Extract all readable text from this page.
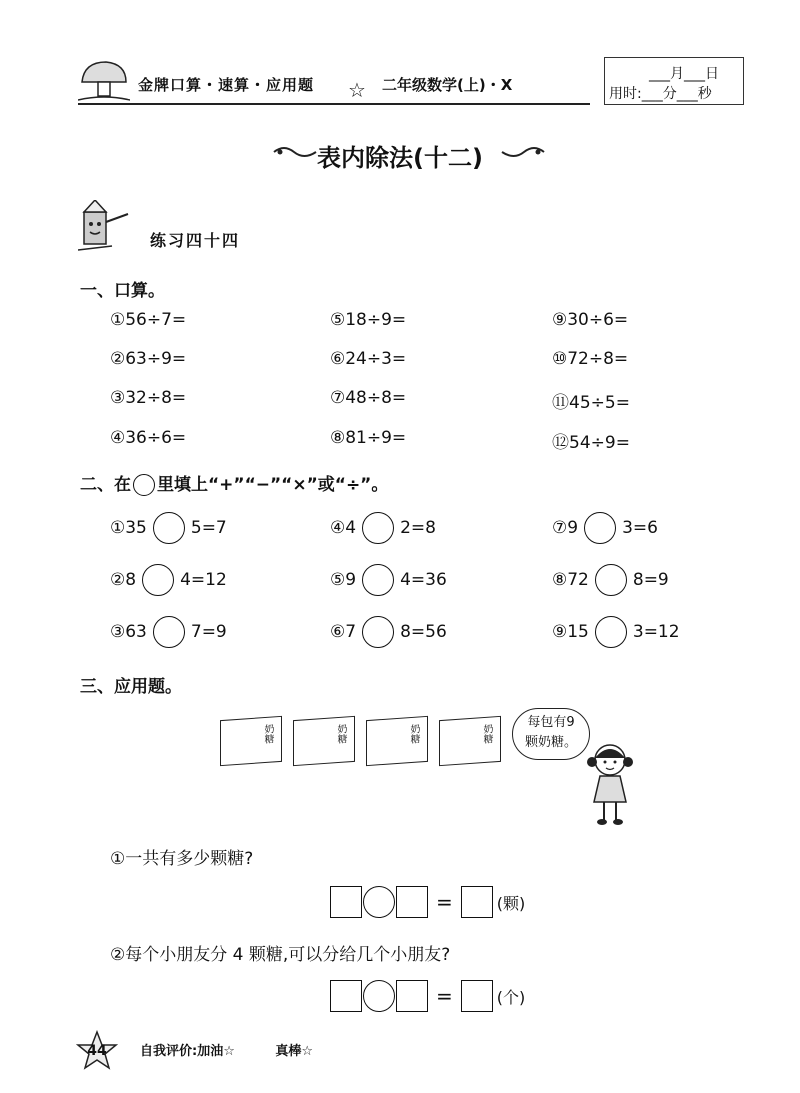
金牌口算・速算・应用题 ☆ 二年级数学(上)・X
___月___日
用时:___分___秒
表内除法(十二)
练习四十四
一、口算。
①56÷7=	⑤18÷9=	⑨30÷6=
②63÷9=	⑥24÷3=	⑩72÷8=
③32÷8=	⑦48÷8=	⑪45÷5=
④36÷6=	⑧81÷9=	⑫54÷9=
二、在 里填上“+”“−”“×”或“÷”。
①35	5=7	④4	2=8	⑦9	3=6
②8	4=12	⑤9	4=36	⑧72	8=9
③63	7=9	⑥7	8=56	⑨15	3=12
三、应用题。
奶糖	奶糖	奶糖	奶糖
每包有9
颗奶糖。
①一共有多少颗糖?
=	(颗)
②每个小朋友分 4 颗糖,可以分给几个小朋友?
=	(个)
44	自我评价:加油☆	真棒☆
